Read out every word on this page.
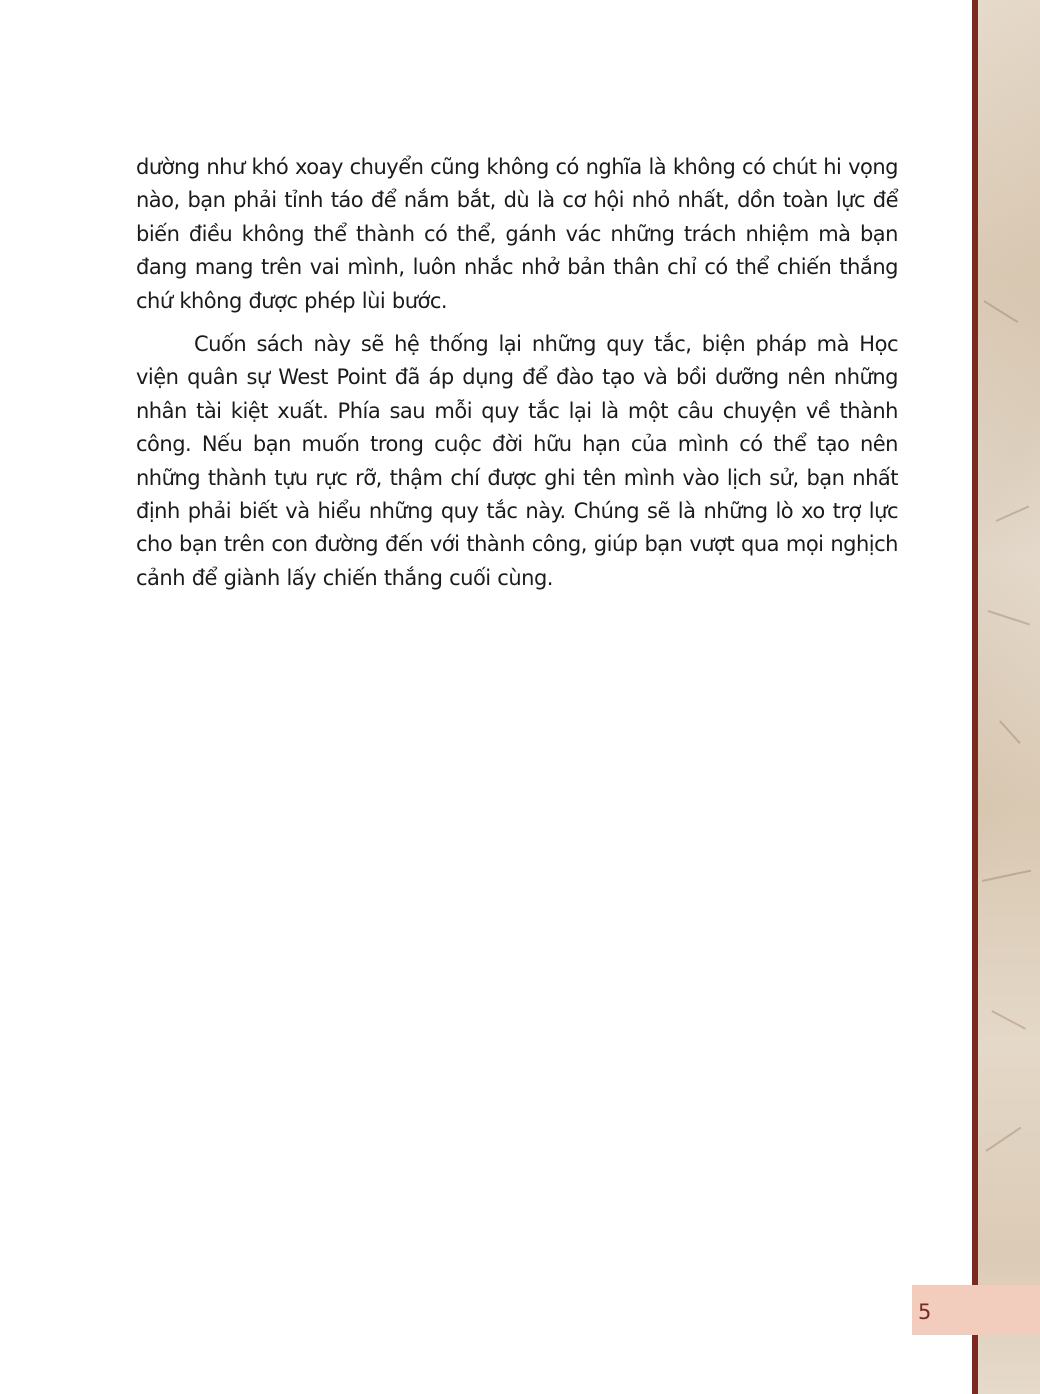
dường như khó xoay chuyển cũng không có nghĩa là không có chút hi vọng nào, bạn phải tỉnh táo để nắm bắt, dù là cơ hội nhỏ nhất, dồn toàn lực để biến điều không thể thành có thể, gánh vác những trách nhiệm mà bạn đang mang trên vai mình, luôn nhắc nhở bản thân chỉ có thể chiến thắng chứ không được phép lùi bước.

Cuốn sách này sẽ hệ thống lại những quy tắc, biện pháp mà Học viện quân sự West Point đã áp dụng để đào tạo và bồi dưỡng nên những nhân tài kiệt xuất. Phía sau mỗi quy tắc lại là một câu chuyện về thành công. Nếu bạn muốn trong cuộc đời hữu hạn của mình có thể tạo nên những thành tựu rực rỡ, thậm chí được ghi tên mình vào lịch sử, bạn nhất định phải biết và hiểu những quy tắc này. Chúng sẽ là những lò xo trợ lực cho bạn trên con đường đến với thành công, giúp bạn vượt qua mọi nghịch cảnh để giành lấy chiến thắng cuối cùng.

5
